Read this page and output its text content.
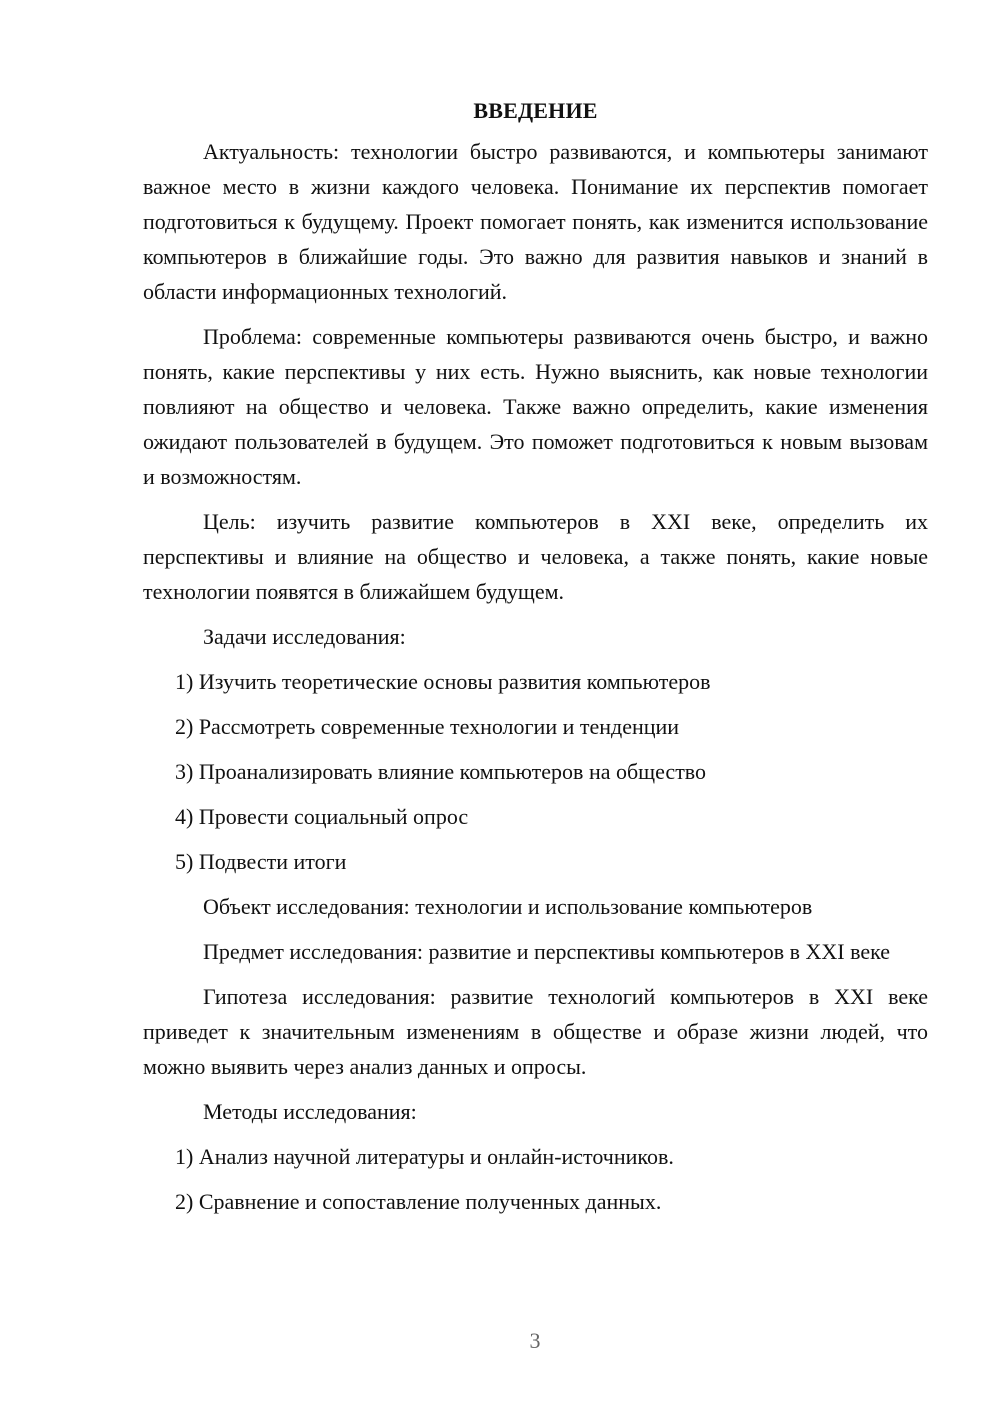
ВВЕДЕНИЕ

Актуальность: технологии быстро развиваются, и компьютеры занимают важное место в жизни каждого человека. Понимание их перспектив помогает подготовиться к будущему. Проект помогает понять, как изменится использование компьютеров в ближайшие годы. Это важно для развития навыков и знаний в области информационных технологий.

Проблема: современные компьютеры развиваются очень быстро, и важно понять, какие перспективы у них есть. Нужно выяснить, как новые технологии повлияют на общество и человека. Также важно определить, какие изменения ожидают пользователей в будущем. Это поможет подготовиться к новым вызовам и возможностям.

Цель: изучить развитие компьютеров в XXI веке, определить их перспективы и влияние на общество и человека, а также понять, какие новые технологии появятся в ближайшем будущем.

Задачи исследования:
1) Изучить теоретические основы развития компьютеров
2) Рассмотреть современные технологии и тенденции
3) Проанализировать влияние компьютеров на общество
4) Провести социальный опрос
5) Подвести итоги

Объект исследования: технологии и использование компьютеров

Предмет исследования: развитие и перспективы компьютеров в XXI веке

Гипотеза исследования: развитие технологий компьютеров в XXI веке приведет к значительным изменениям в обществе и образе жизни людей, что можно выявить через анализ данных и опросы.

Методы исследования:
1) Анализ научной литературы и онлайн-источников.
2) Сравнение и сопоставление полученных данных.
3
